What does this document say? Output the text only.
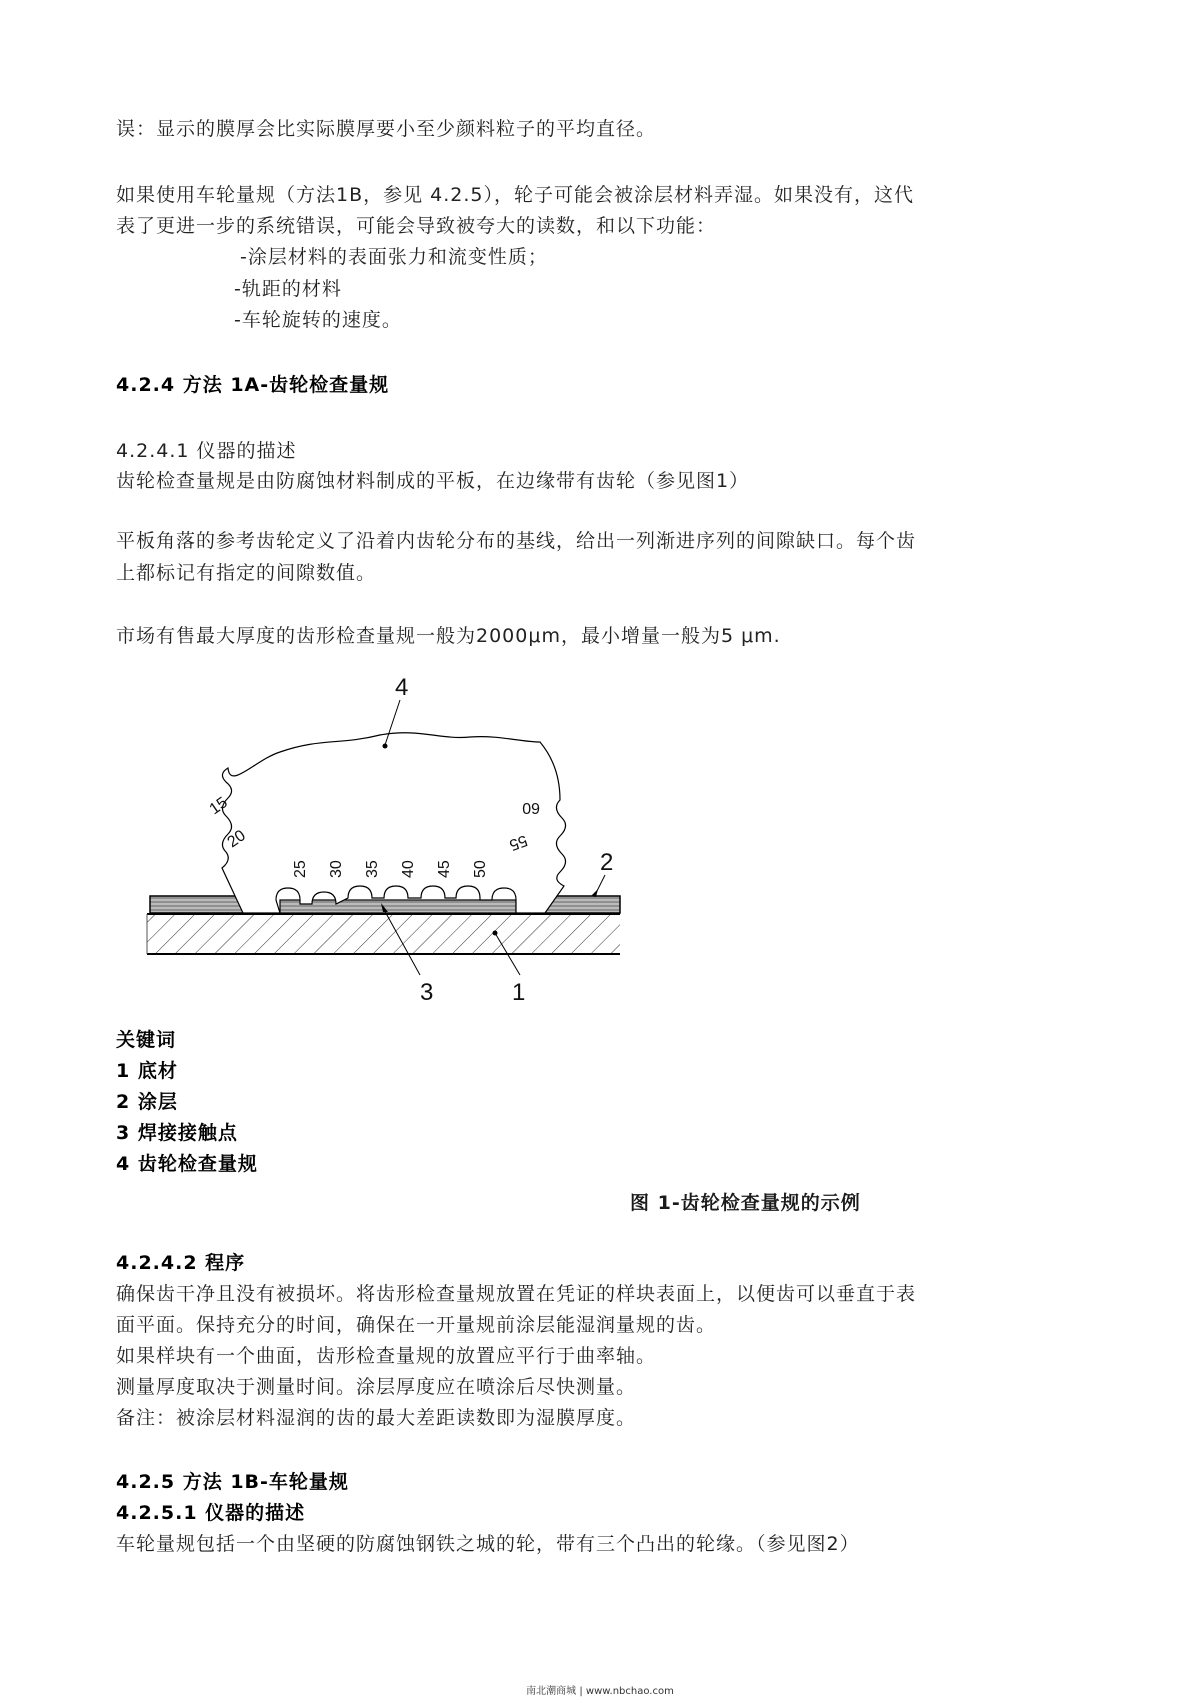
误：显示的膜厚会比实际膜厚要小至少颜料粒子的平均直径。
如果使用车轮量规（方法1B，参见 4.2.5），轮子可能会被涂层材料弄湿。如果没有，这代
表了更进一步的系统错误，可能会导致被夸大的读数，和以下功能：
-涂层材料的表面张力和流变性质；
-轨距的材料
-车轮旋转的速度。
4.2.4 方法 1A-齿轮检查量规
4.2.4.1 仪器的描述
齿轮检查量规是由防腐蚀材料制成的平板，在边缘带有齿轮（参见图1）
平板角落的参考齿轮定义了沿着内齿轮分布的基线，给出一列渐进序列的间隙缺口。每个齿
上都标记有指定的间隙数值。
市场有售最大厚度的齿形检查量规一般为2000μm，最小增量一般为5 μm.
15
20
25 30 35 40 45 50
55
60
4
2
3	1
关键词
1 底材
2 涂层
3 焊接接触点
4 齿轮检查量规
图 1-齿轮检查量规的示例
4.2.4.2 程序
确保齿干净且没有被损坏。将齿形检查量规放置在凭证的样块表面上，以便齿可以垂直于表
面平面。保持充分的时间，确保在一开量规前涂层能湿润量规的齿。
如果样块有一个曲面，齿形检查量规的放置应平行于曲率轴。
测量厚度取决于测量时间。涂层厚度应在喷涂后尽快测量。
备注：被涂层材料湿润的齿的最大差距读数即为湿膜厚度。
4.2.5 方法 1B-车轮量规
4.2.5.1 仪器的描述
车轮量规包括一个由坚硬的防腐蚀钢铁之城的轮，带有三个凸出的轮缘。（参见图2）
南北潮商城 | www.nbchao.com
